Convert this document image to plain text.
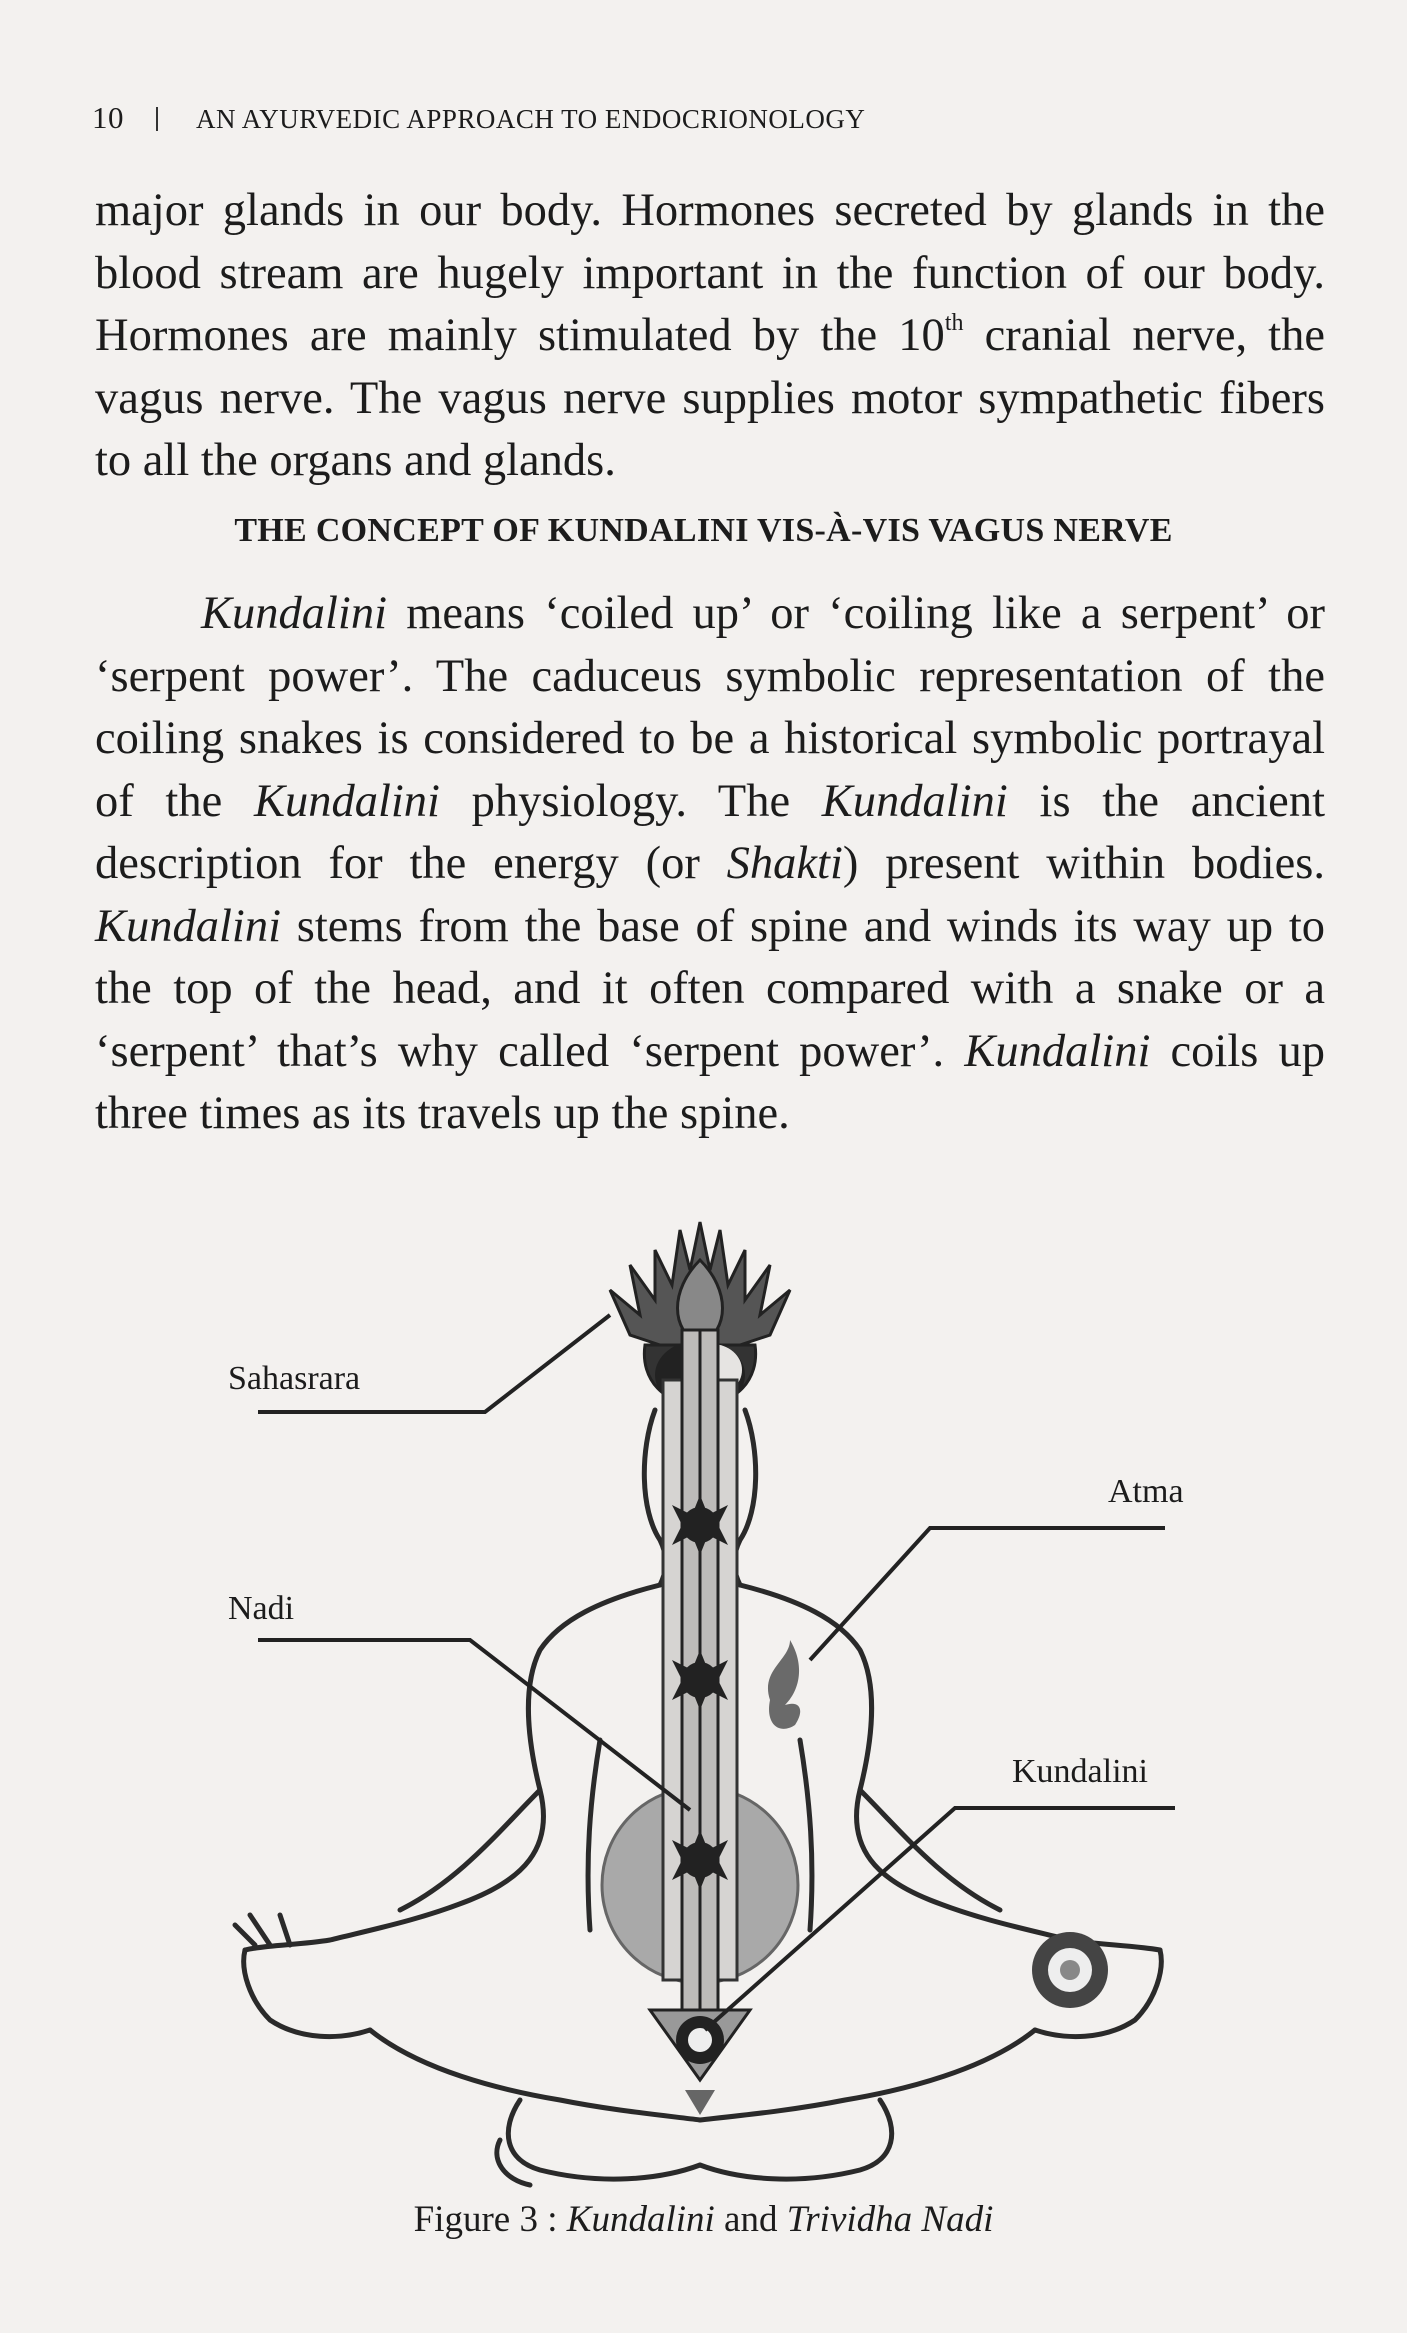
10	AN AYURVEDIC APPROACH TO ENDOCRIONOLOGY
major glands in our body. Hormones secreted by glands in the blood stream are hugely important in the function of our body. Hormones are mainly stimulated by the 10th cranial nerve, the vagus nerve. The vagus nerve supplies motor sympathetic fibers to all the organs and glands.
THE CONCEPT OF KUNDALINI VIS-À-VIS VAGUS NERVE
Kundalini means ‘coiled up’ or ‘coiling like a serpent’ or ‘serpent power’. The caduceus symbolic representation of the coiling snakes is considered to be a historical symbolic portrayal of the Kundalini physiology. The Kundalini is the ancient description for the energy (or Shakti) present within bodies. Kundalini stems from the base of spine and winds its way up to the top of the head, and it often compared with a snake or a ‘serpent’ that’s why called ‘serpent power’. Kundalini coils up three times as its travels up the spine.
Sahasrara
Nadi
Atma
Kundalini
Figure 3 : Kundalini and Trividha Nadi
